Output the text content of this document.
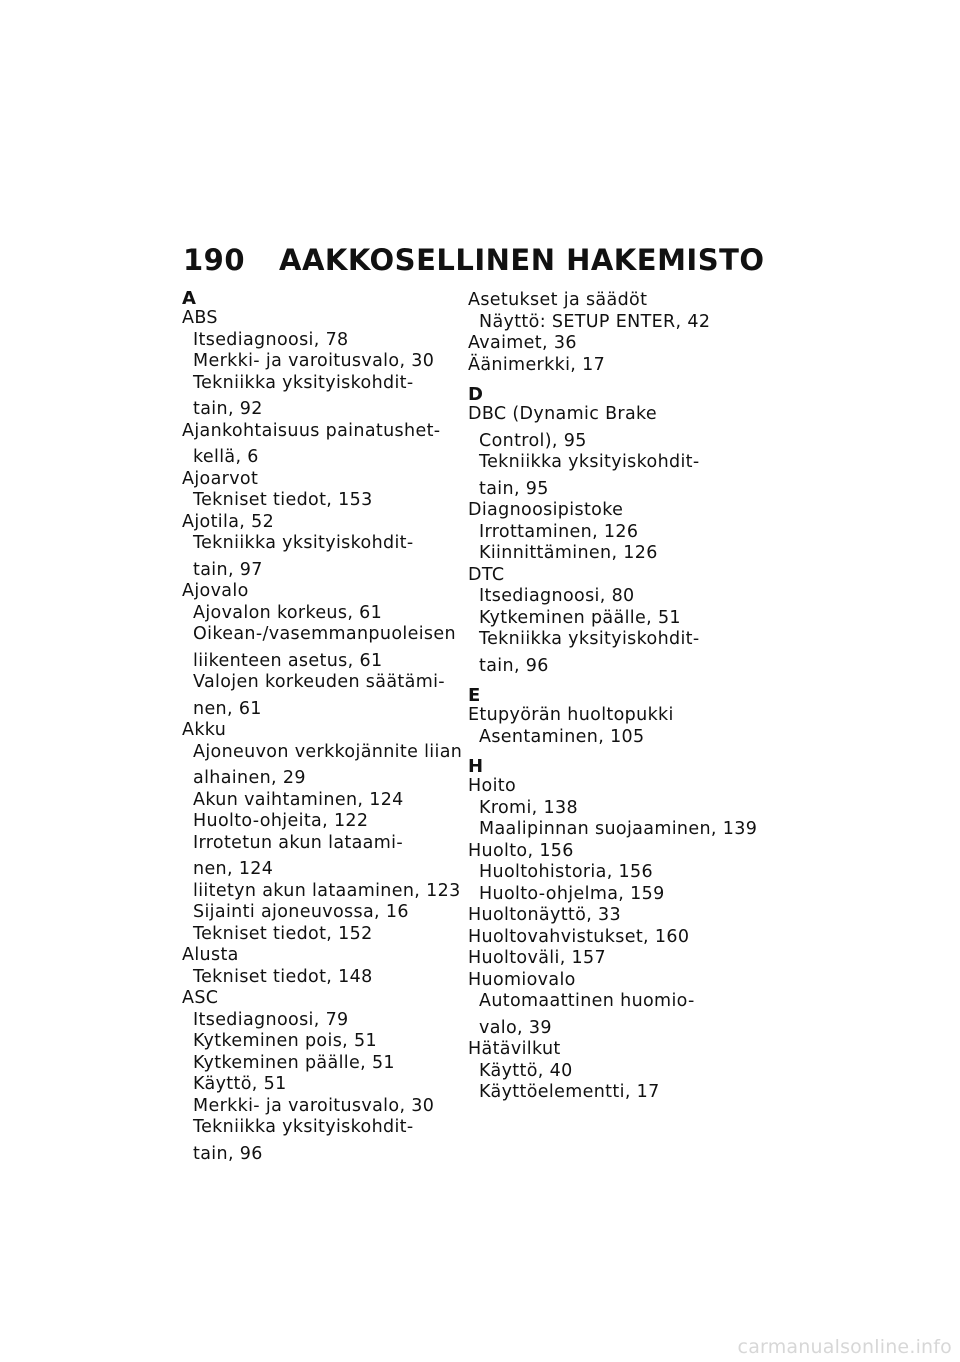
190 AAKKOSELLINEN HAKEMISTO
A
ABS
Itsediagnoosi, 78
Merkki- ja varoitusvalo, 30
Tekniikka yksityiskohdit-
tain, 92
Ajankohtaisuus painatushet-
kellä, 6
Ajoarvot
Tekniset tiedot, 153
Ajotila, 52
Tekniikka yksityiskohdit-
tain, 97
Ajovalo
Ajovalon korkeus, 61
Oikean-/vasemmanpuoleisen
liikenteen asetus, 61
Valojen korkeuden säätämi-
nen, 61
Akku
Ajoneuvon verkkojännite liian
alhainen, 29
Akun vaihtaminen, 124
Huolto-ohjeita, 122
Irrotetun akun lataami-
nen, 124
liitetyn akun lataaminen, 123
Sijainti ajoneuvossa, 16
Tekniset tiedot, 152
Alusta
Tekniset tiedot, 148
ASC
Itsediagnoosi, 79
Kytkeminen pois, 51
Kytkeminen päälle, 51
Käyttö, 51
Merkki- ja varoitusvalo, 30
Tekniikka yksityiskohdit-
tain, 96
Asetukset ja säädöt
Näyttö: SETUP ENTER, 42
Avaimet, 36
Äänimerkki, 17
D
DBC (Dynamic Brake
Control), 95
Tekniikka yksityiskohdit-
tain, 95
Diagnoosipistoke
Irrottaminen, 126
Kiinnittäminen, 126
DTC
Itsediagnoosi, 80
Kytkeminen päälle, 51
Tekniikka yksityiskohdit-
tain, 96
E
Etupyörän huoltopukki
Asentaminen, 105
H
Hoito
Kromi, 138
Maalipinnan suojaaminen, 139
Huolto, 156
Huoltohistoria, 156
Huolto-ohjelma, 159
Huoltonäyttö, 33
Huoltovahvistukset, 160
Huoltoväli, 157
Huomiovalo
Automaattinen huomio-
valo, 39
Hätävilkut
Käyttö, 40
Käyttöelementti, 17
carmanualsonline.info
